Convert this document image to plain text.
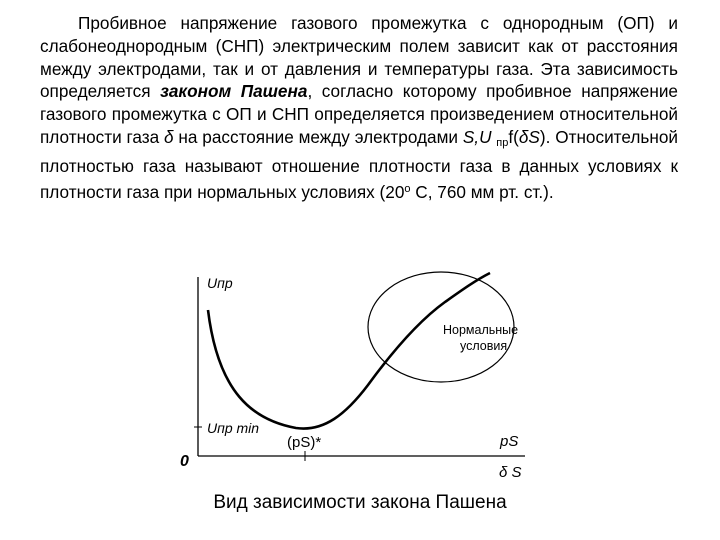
Пробивное напряжение газового промежутка с однородным (ОП) и слабонеоднородным (СНП) электрическим полем зависит как от расстояния между электродами, так и от давления и температуры газа. Эта зависимость определяется законом Пашена, согласно которому пробивное напряжение газового промежутка с ОП и СНП определяется произведением относительной плотности газа δ на расстояние между электродами S,U $_{пр}$f(δS). Относительной плотностью газа называют отношение плотности газа в данных условиях к плотности газа при нормальных условиях ($20^о$ С, 760 мм рт. ст.).

Uпр
Uпр min
0
pS
δ S
(pS)*
Нормальные
условия
Вид зависимости закона Пашена
